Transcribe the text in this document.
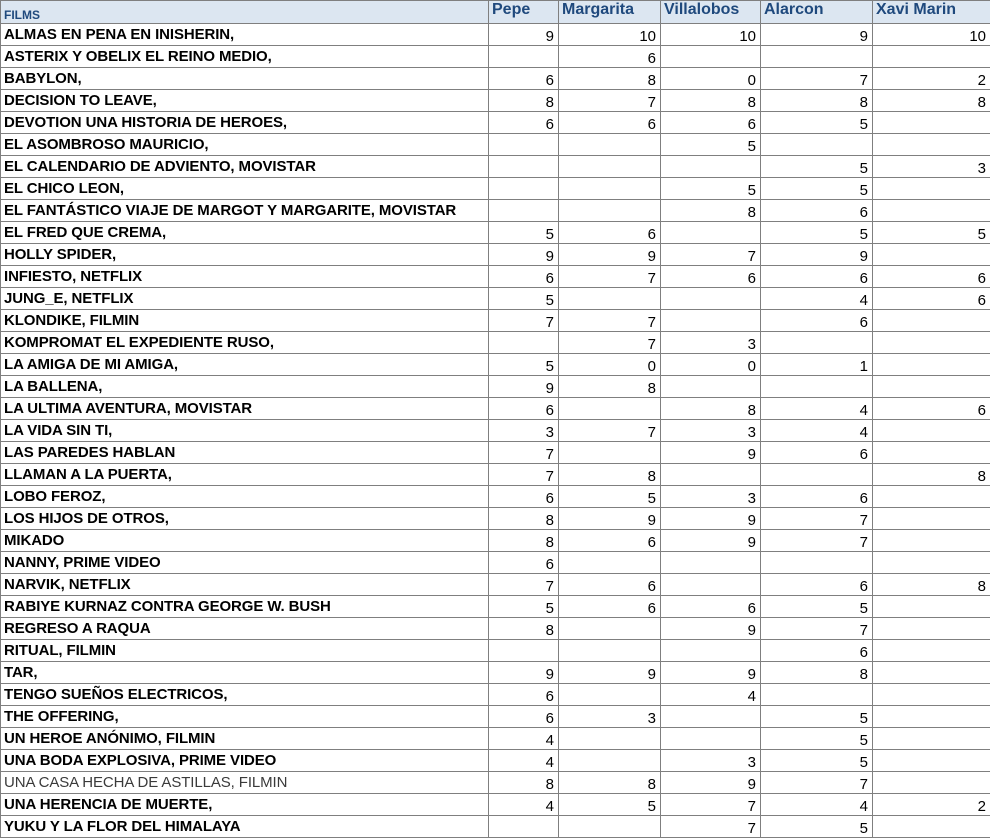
FILMS	Pepe	Margarita	Villalobos	Alarcon	Xavi Marin
ALMAS EN PENA EN INISHERIN,	9	10	10	9	10
ASTERIX Y OBELIX EL REINO MEDIO,		6			
BABYLON,	6	8	0	7	2
DECISION TO LEAVE,	8	7	8	8	8
DEVOTION UNA HISTORIA DE HEROES,	6	6	6	5	
EL ASOMBROSO MAURICIO,			5		
EL CALENDARIO DE ADVIENTO, MOVISTAR				5	3
EL CHICO LEON,			5	5	
EL FANTÁSTICO VIAJE DE MARGOT Y MARGARITE, MOVISTAR			8	6	
EL FRED QUE CREMA,	5	6		5	5
HOLLY SPIDER,	9	9	7	9	
INFIESTO, NETFLIX	6	7	6	6	6
JUNG_E, NETFLIX	5			4	6
KLONDIKE, FILMIN	7	7		6	
KOMPROMAT EL EXPEDIENTE RUSO,		7	3		
LA AMIGA DE MI AMIGA,	5	0	0	1	
LA BALLENA,	9	8			
LA ULTIMA AVENTURA, MOVISTAR	6		8	4	6
LA VIDA SIN TI,	3	7	3	4	
LAS PAREDES HABLAN	7		9	6	
LLAMAN A LA PUERTA,	7	8			8
LOBO FEROZ,	6	5	3	6	
LOS HIJOS DE OTROS,	8	9	9	7	
MIKADO	8	6	9	7	
NANNY, PRIME VIDEO	6				
NARVIK, NETFLIX	7	6		6	8
RABIYE KURNAZ CONTRA GEORGE W. BUSH	5	6	6	5	
REGRESO A RAQUA	8		9	7	
RITUAL, FILMIN				6	
TAR,	9	9	9	8	
TENGO SUEÑOS ELECTRICOS,	6		4		
THE OFFERING,	6	3		5	
UN HEROE ANÓNIMO, FILMIN	4			5	
UNA BODA EXPLOSIVA, PRIME VIDEO	4		3	5	
UNA CASA HECHA DE ASTILLAS, FILMIN	8	8	9	7	
UNA HERENCIA DE MUERTE,	4	5	7	4	2
YUKU Y LA FLOR DEL HIMALAYA			7	5	
